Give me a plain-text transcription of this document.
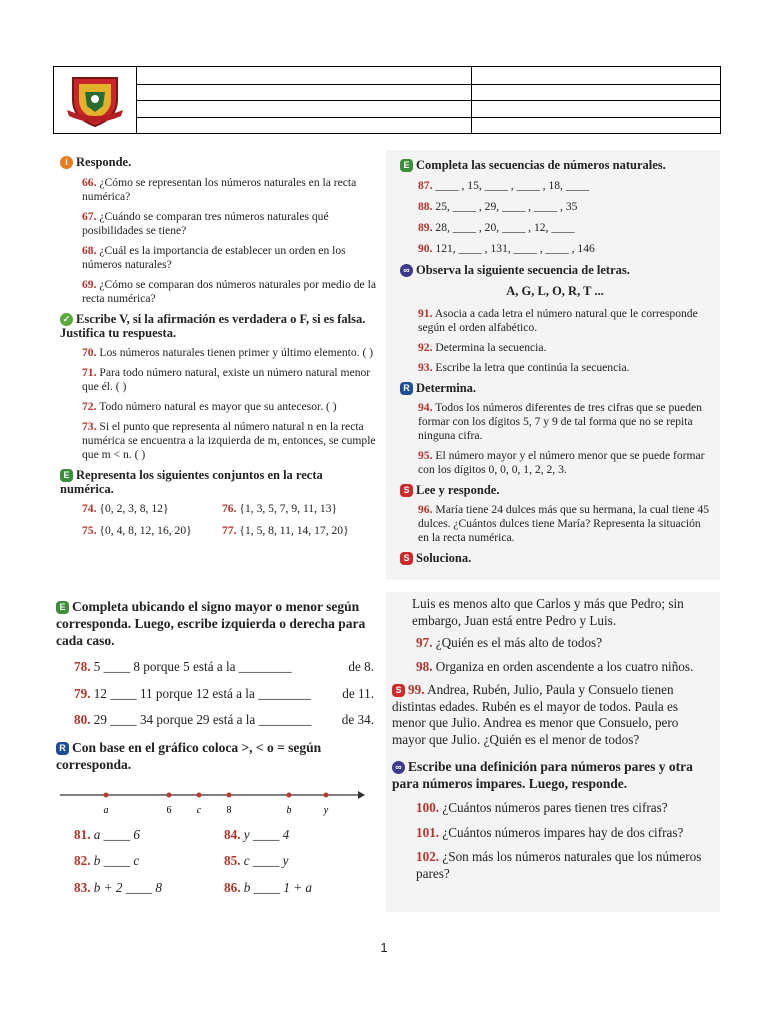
i Responde.
66. ¿Cómo se representan los números naturales en la recta numérica?
67. ¿Cuándo se comparan tres números naturales qué posibilidades se tiene?
68. ¿Cuál es la importancia de establecer un orden en los números naturales?
69. ¿Cómo se comparan dos números naturales por medio de la recta numérica?
✓ Escribe V, si la afirmación es verdadera o F, si es falsa. Justifica tu respuesta.
70. Los números naturales tienen primer y último elemento. ( )
71. Para todo número natural, existe un número natural menor que él. ( )
72. Todo número natural es mayor que su antecesor. ( )
73. Si el punto que representa al número natural n en la recta numérica se encuentra a la izquierda de m, entonces, se cumple que m < n. ( )
E Representa los siguientes conjuntos en la recta numérica.
74. {0, 2, 3, 8, 12}	76. {1, 3, 5, 7, 9, 11, 13}
75. {0, 4, 8, 12, 16, 20}	77. {1, 5, 8, 11, 14, 17, 20}
E Completa las secuencias de números naturales.
87. ____ , 15, ____ , ____ , 18, ____
88. 25, ____ , 29, ____ , ____ , 35
89. 28, ____ , 20, ____ , 12, ____
90. 121, ____ , 131, ____ , ____ , 146
∞ Observa la siguiente secuencia de letras.
A, G, L, O, R, T ...
91. Asocia a cada letra el número natural que le corresponde según el orden alfabético.
92. Determina la secuencia.
93. Escribe la letra que continúa la secuencia.
R Determina.
94. Todos los números diferentes de tres cifras que se pueden formar con los dígitos 5, 7 y 9 de tal forma que no se repita ninguna cifra.
95. El número mayor y el número menor que se puede formar con los dígitos 0, 0, 0, 1, 2, 2, 3.
S Lee y responde.
96. María tiene 24 dulces más que su hermana, la cual tiene 45 dulces. ¿Cuántos dulces tiene María? Representa la situación en la recta numérica.
S Soluciona.
E Completa ubicando el signo mayor o menor según corresponda. Luego, escribe izquierda o derecha para cada caso.
78. 5 ____ 8 porque 5 está a la ________	de 8.
79. 12 ____ 11 porque 12 está a la ________ de 11.
80. 29 ____ 34 porque 29 está a la ________ de 34.
R Con base en el gráfico coloca >, < o = según corresponda.
a	6	c	8	b	y
81. a ____ 6	84. y ____ 4
82. b ____ c	85. c ____ y
83. b + 2 ____ 8	86. b ____ 1 + a
Luis es menos alto que Carlos y más que Pedro; sin embargo, Juan está entre Pedro y Luis.
97. ¿Quién es el más alto de todos?
98. Organiza en orden ascendente a los cuatro niños.
S 99. Andrea, Rubén, Julio, Paula y Consuelo tienen distintas edades. Rubén es el mayor de todos. Paula es menor que Julio. Andrea es menor que Consuelo, pero mayor que Julio. ¿Quién es el menor de todos?
∞ Escribe una definición para números pares y otra para números impares. Luego, responde.
100. ¿Cuántos números pares tienen tres cifras?
101. ¿Cuántos números impares hay de dos cifras?
102. ¿Son más los números naturales que los números pares?
1
